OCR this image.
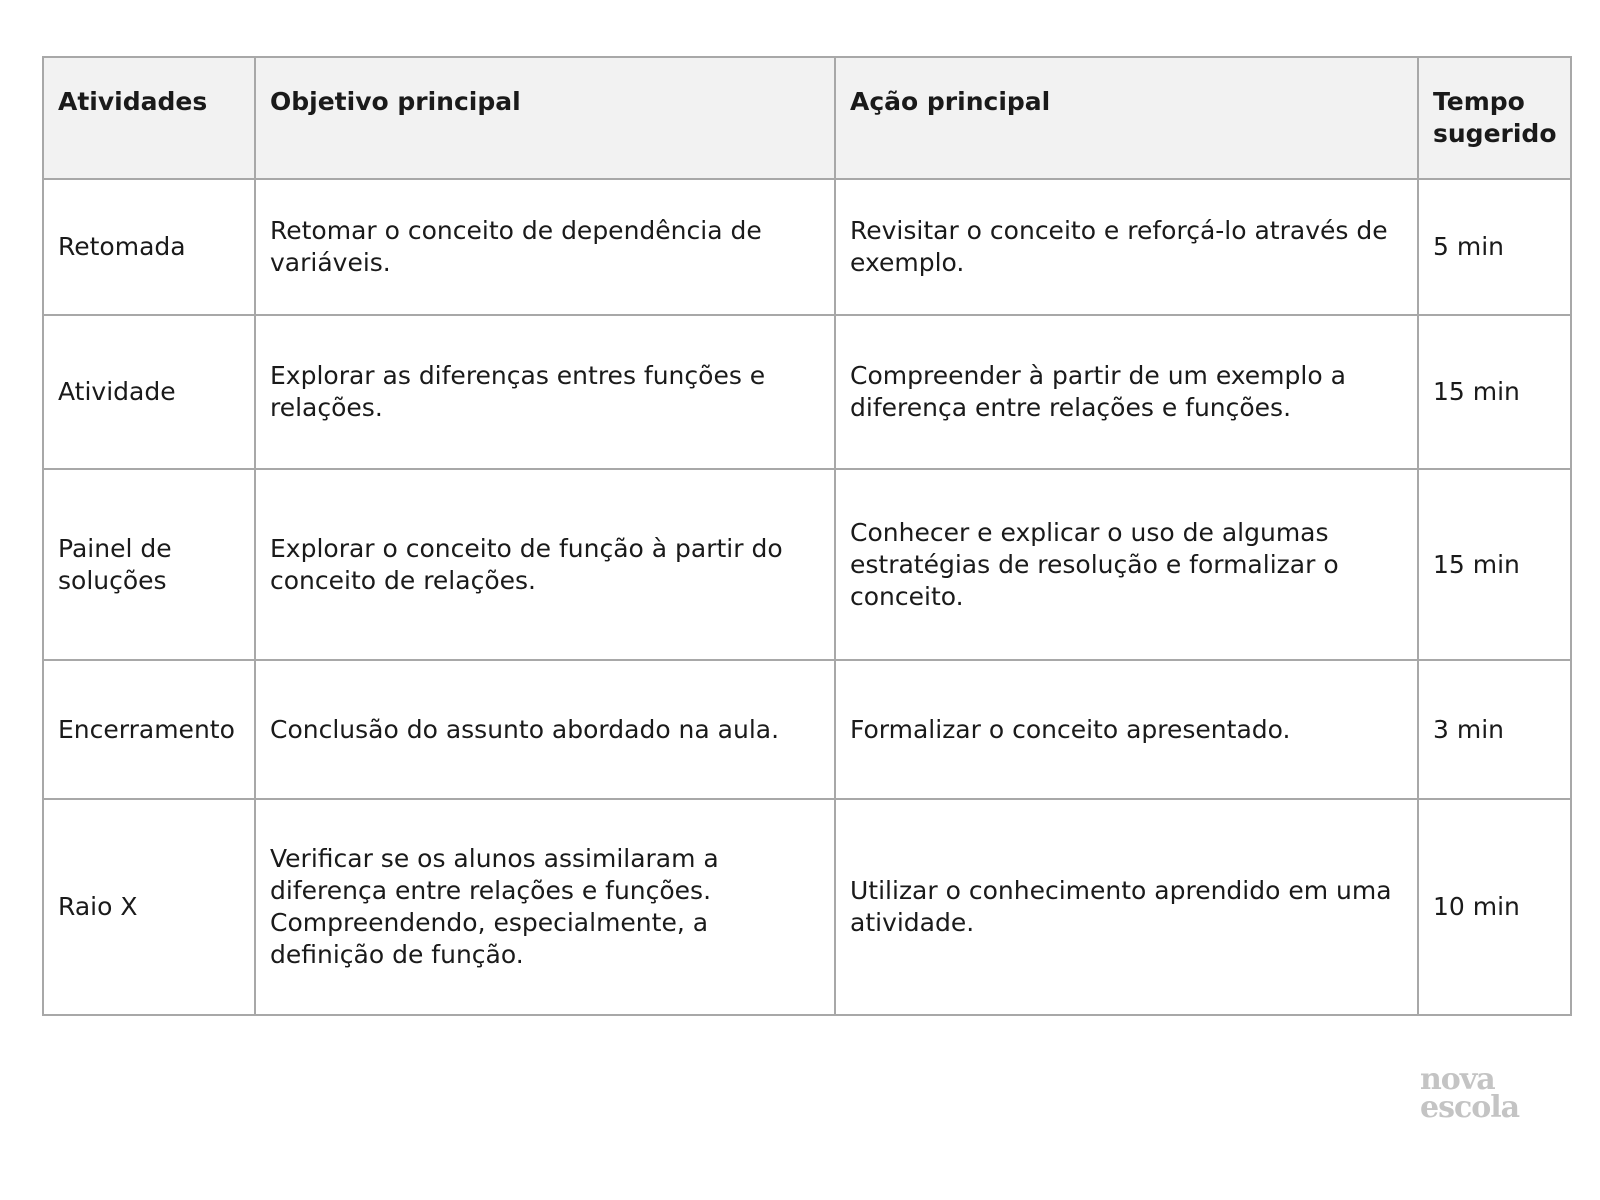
Atividades	Objetivo principal	Ação principal	Tempo sugerido
Retomada	Retomar o conceito de dependência de variáveis.	Revisitar o conceito e reforçá-lo através de exemplo.	5 min
Atividade	Explorar as diferenças entres funções e relações.	Compreender à partir de um exemplo a diferença entre relações e funções.	15 min
Painel de soluções	Explorar o conceito de função à partir do conceito de relações.	Conhecer e explicar o uso de algumas estratégias de resolução e formalizar o conceito.	15 min
Encerramento	Conclusão do assunto abordado na aula.	Formalizar o conceito apresentado.	3 min
Raio X	Verificar se os alunos assimilaram a diferença entre relações e funções. Compreendendo, especialmente, a definição de função.	Utilizar o conhecimento aprendido em uma atividade.	10 min
nova
escola
